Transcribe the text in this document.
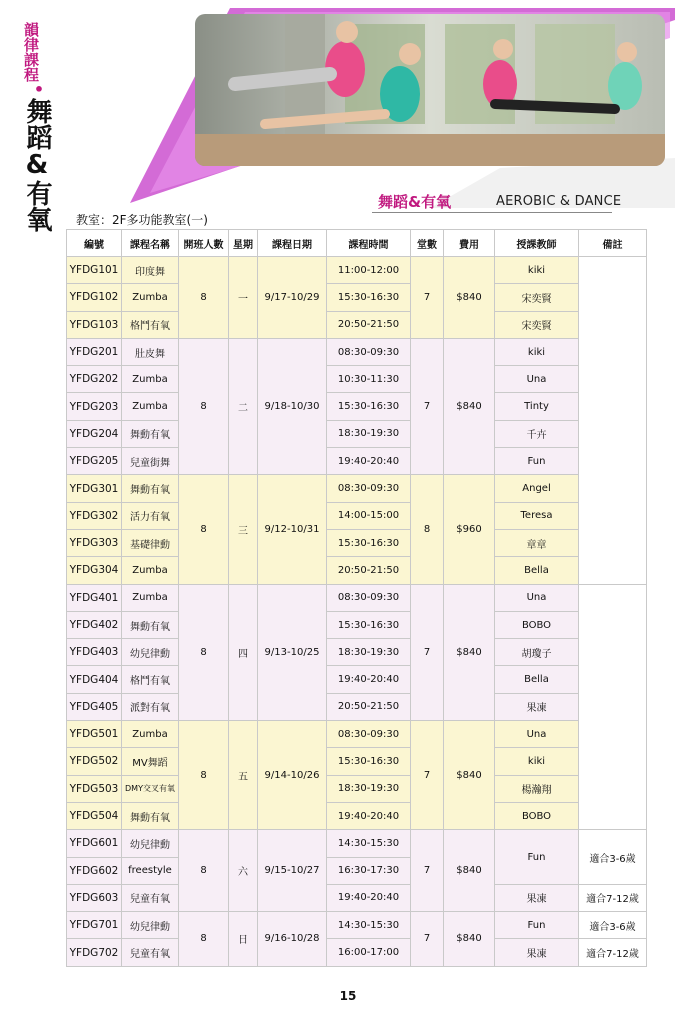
韻律課程
•
舞蹈&有氧	舞蹈&有氧	AEROBIC & DANCE
教室：2F多功能教室(一)
編號	課程名稱	開班人數	星期	課程日期	課程時間	堂數	費用	授課教師	備註	
YFDG101	印度舞	8	一	9/17-10/29	11:00-12:00	7	$840	kiki		
YFDG102	Zumba				15:30-16:30			宋奕賢		
YFDG103	格鬥有氧				20:50-21:50			宋奕賢		
YFDG201	肚皮舞	8	二	9/18-10/30	08:30-09:30	7	$840	kiki		
YFDG202	Zumba				10:30-11:30			Una		
YFDG203	Zumba				15:30-16:30			Tinty		
YFDG204	舞動有氧				18:30-19:30			千卉		
YFDG205	兒童街舞				19:40-20:40			Fun	
YFDG301	舞動有氧	8	三	9/12-10/31	08:30-09:30	8	$960	Angel		
YFDG302	活力有氧				14:00-15:00			Teresa		
YFDG303	基礎律動				15:30-16:30			章章		
YFDG304	Zumba				20:50-21:50			Bella		
YFDG401	Zumba	8	四	9/13-10/25	08:30-09:30	7	$840	Una		
YFDG402	舞動有氧				15:30-16:30			BOBO		
YFDG403	幼兒律動				18:30-19:30			胡瓊子		
YFDG404	格鬥有氧				19:40-20:40			Bella		
YFDG405	派對有氧				20:50-21:50			果凍		
YFDG501	Zumba	8	五	9/14-10/26	08:30-09:30	7	$840	Una		
YFDG502	MV舞蹈				15:30-16:30			kiki		
YFDG503	DMY交叉有氧				18:30-19:30			楊瀚翔		
YFDG504	舞動有氧				19:40-20:40			BOBO		
YFDG601	幼兒律動	8	六	9/15-10/27	14:30-15:30	7	$840	Fun	適合3-6歲	
YFDG602	freestyle				16:30-17:30					
YFDG603	兒童有氧				19:40-20:40			果凍	適合7-12歲	
YFDG701	幼兒律動	8	日	9/16-10/28	14:30-15:30	7	$840	Fun	適合3-6歲	
YFDG702	兒童有氧				16:00-17:00			果凍	適合7-12歲	
15
